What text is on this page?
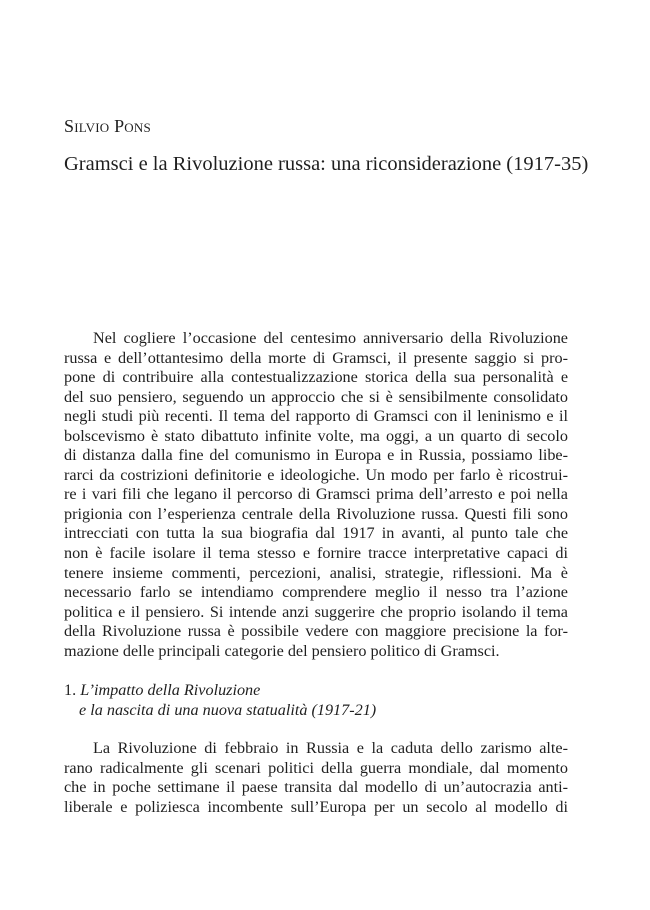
Silvio Pons
Gramsci e la Rivoluzione russa: una riconsiderazione (1917-35)
Nel cogliere l’occasione del centesimo anniversario della Rivoluzione
russa e dell’ottantesimo della morte di Gramsci, il presente saggio si pro-
pone di contribuire alla contestualizzazione storica della sua personalità e
del suo pensiero, seguendo un approccio che si è sensibilmente consolidato
negli studi più recenti. Il tema del rapporto di Gramsci con il leninismo e il
bolscevismo è stato dibattuto infinite volte, ma oggi, a un quarto di secolo
di distanza dalla fine del comunismo in Europa e in Russia, possiamo libe-
rarci da costrizioni definitorie e ideologiche. Un modo per farlo è ricostrui-
re i vari fili che legano il percorso di Gramsci prima dell’arresto e poi nella
prigionia con l’esperienza centrale della Rivoluzione russa. Questi fili sono
intrecciati con tutta la sua biografia dal 1917 in avanti, al punto tale che
non è facile isolare il tema stesso e fornire tracce interpretative capaci di
tenere insieme commenti, percezioni, analisi, strategie, riflessioni. Ma è
necessario farlo se intendiamo comprendere meglio il nesso tra l’azione
politica e il pensiero. Si intende anzi suggerire che proprio isolando il tema
della Rivoluzione russa è possibile vedere con maggiore precisione la for-
mazione delle principali categorie del pensiero politico di Gramsci.
1. L’impatto della Rivoluzione
e la nascita di una nuova statualità (1917-21)
La Rivoluzione di febbraio in Russia e la caduta dello zarismo alte-
rano radicalmente gli scenari politici della guerra mondiale, dal momento
che in poche settimane il paese transita dal modello di un’autocrazia anti-
liberale e poliziesca incombente sull’Europa per un secolo al modello di
